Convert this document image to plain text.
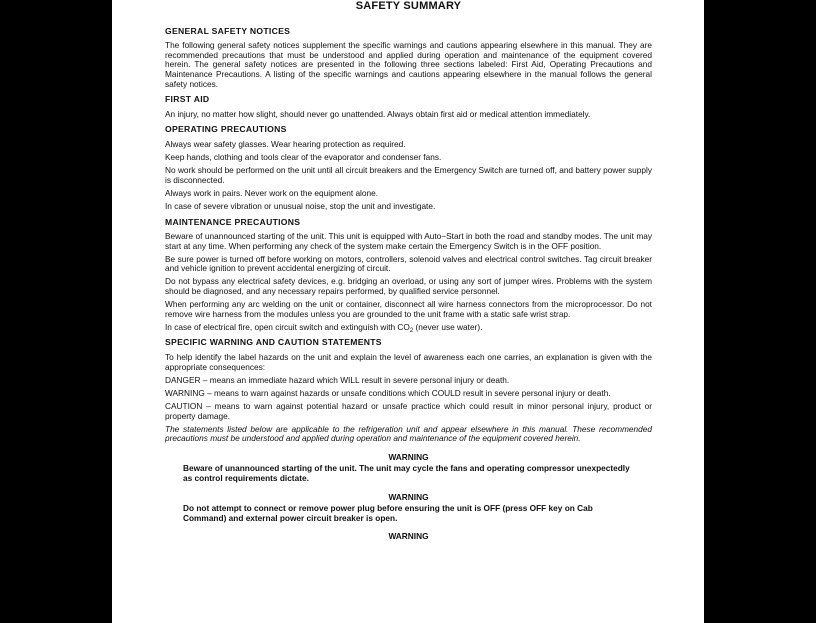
SAFETY SUMMARY
GENERAL SAFETY NOTICES
The following general safety notices supplement the specific warnings and cautions appearing elsewhere in this manual. They are recommended precautions that must be understood and applied during operation and maintenance of the equipment covered herein. The general safety notices are presented in the following three sections labeled: First Aid, Operating Precautions and Maintenance Precautions. A listing of the specific warnings and cautions appearing elsewhere in the manual follows the general safety notices.
FIRST AID
An injury, no matter how slight, should never go unattended. Always obtain first aid or medical attention immediately.
OPERATING PRECAUTIONS
Always wear safety glasses. Wear hearing protection as required.
Keep hands, clothing and tools clear of the evaporator and condenser fans.
No work should be performed on the unit until all circuit breakers and the Emergency Switch are turned off, and battery power supply is disconnected.
Always work in pairs. Never work on the equipment alone.
In case of severe vibration or unusual noise, stop the unit and investigate.
MAINTENANCE PRECAUTIONS
Beware of unannounced starting of the unit. This unit is equipped with Auto−Start in both the road and standby modes. The unit may start at any time. When performing any check of the system make certain the Emergency Switch is in the OFF position.
Be sure power is turned off before working on motors, controllers, solenoid valves and electrical control switches. Tag circuit breaker and vehicle ignition to prevent accidental energizing of circuit.
Do not bypass any electrical safety devices, e.g. bridging an overload, or using any sort of jumper wires. Problems with the system should be diagnosed, and any necessary repairs performed, by qualified service personnel.
When performing any arc welding on the unit or container, disconnect all wire harness connectors from the microprocessor. Do not remove wire harness from the modules unless you are grounded to the unit frame with a static safe wrist strap.
In case of electrical fire, open circuit switch and extinguish with $CO_2$ (never use water).
SPECIFIC WARNING AND CAUTION STATEMENTS
To help identify the label hazards on the unit and explain the level of awareness each one carries, an explanation is given with the appropriate consequences:
DANGER – means an immediate hazard which WILL result in severe personal injury or death.
WARNING – means to warn against hazards or unsafe conditions which COULD result in severe personal injury or death.
CAUTION – means to warn against potential hazard or unsafe practice which could result in minor personal injury, product or property damage.
The statements listed below are applicable to the refrigeration unit and appear elsewhere in this manual. These recommended precautions must be understood and applied during operation and maintenance of the equipment covered herein.
WARNING
Beware of unannounced starting of the unit. The unit may cycle the fans and operating compressor unexpectedly as control requirements dictate.
WARNING
Do not attempt to connect or remove power plug before ensuring the unit is OFF (press OFF key on Cab Command) and external power circuit breaker is open.
WARNING
